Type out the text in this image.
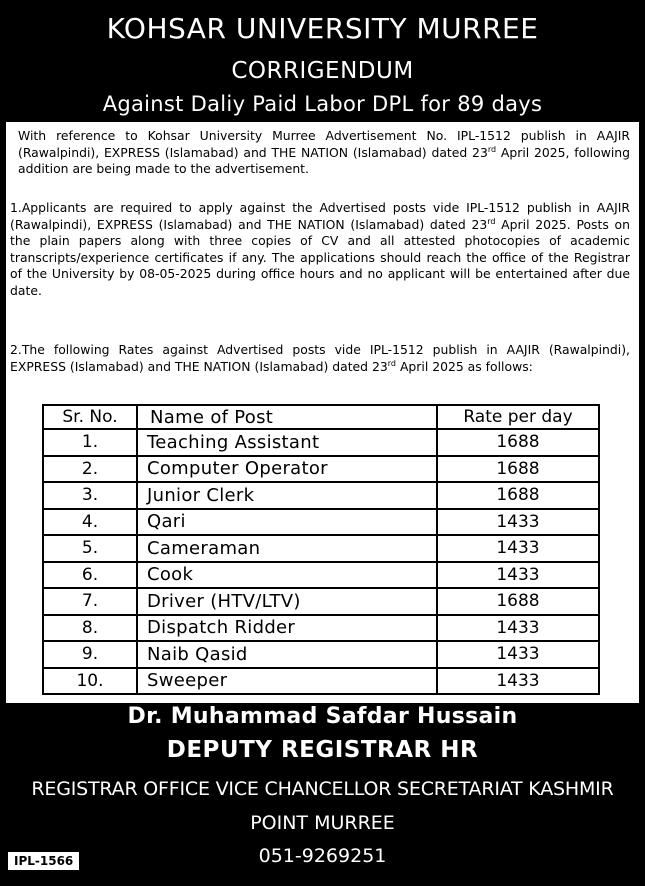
KOHSAR UNIVERSITY MURREE
CORRIGENDUM
Against Daliy Paid Labor DPL for 89 days
With reference to Kohsar University Murree Advertisement No. IPL-1512 publish in AAJIR (Rawalpindi), EXPRESS (Islamabad) and THE NATION (Islamabad) dated 23rd April 2025, following addition are being made to the advertisement.
1.Applicants are required to apply against the Advertised posts vide IPL-1512 publish in AAJIR (Rawalpindi), EXPRESS (Islamabad) and THE NATION (Islamabad) dated 23rd April 2025. Posts on the plain papers along with three copies of CV and all attested photocopies of academic transcripts/experience certificates if any. The applications should reach the office of the Registrar of the University by 08-05-2025 during office hours and no applicant will be entertained after due date.
2.The following Rates against Advertised posts vide IPL-1512 publish in AAJIR (Rawalpindi), EXPRESS (Islamabad) and THE NATION (Islamabad) dated 23rd April 2025 as follows:
Sr. No.	Name of Post	Rate per day
1.	Teaching Assistant	1688
2.	Computer Operator	1688
3.	Junior Clerk	1688
4.	Qari	1433
5.	Cameraman	1433
6.	Cook	1433
7.	Driver (HTV/LTV)	1688
8.	Dispatch Ridder	1433
9.	Naib Qasid	1433
10.	Sweeper	1433
Dr. Muhammad Safdar Hussain
DEPUTY REGISTRAR HR
REGISTRAR OFFICE VICE CHANCELLOR SECRETARIAT KASHMIR
POINT MURREE
051-9269251
IPL-1566
